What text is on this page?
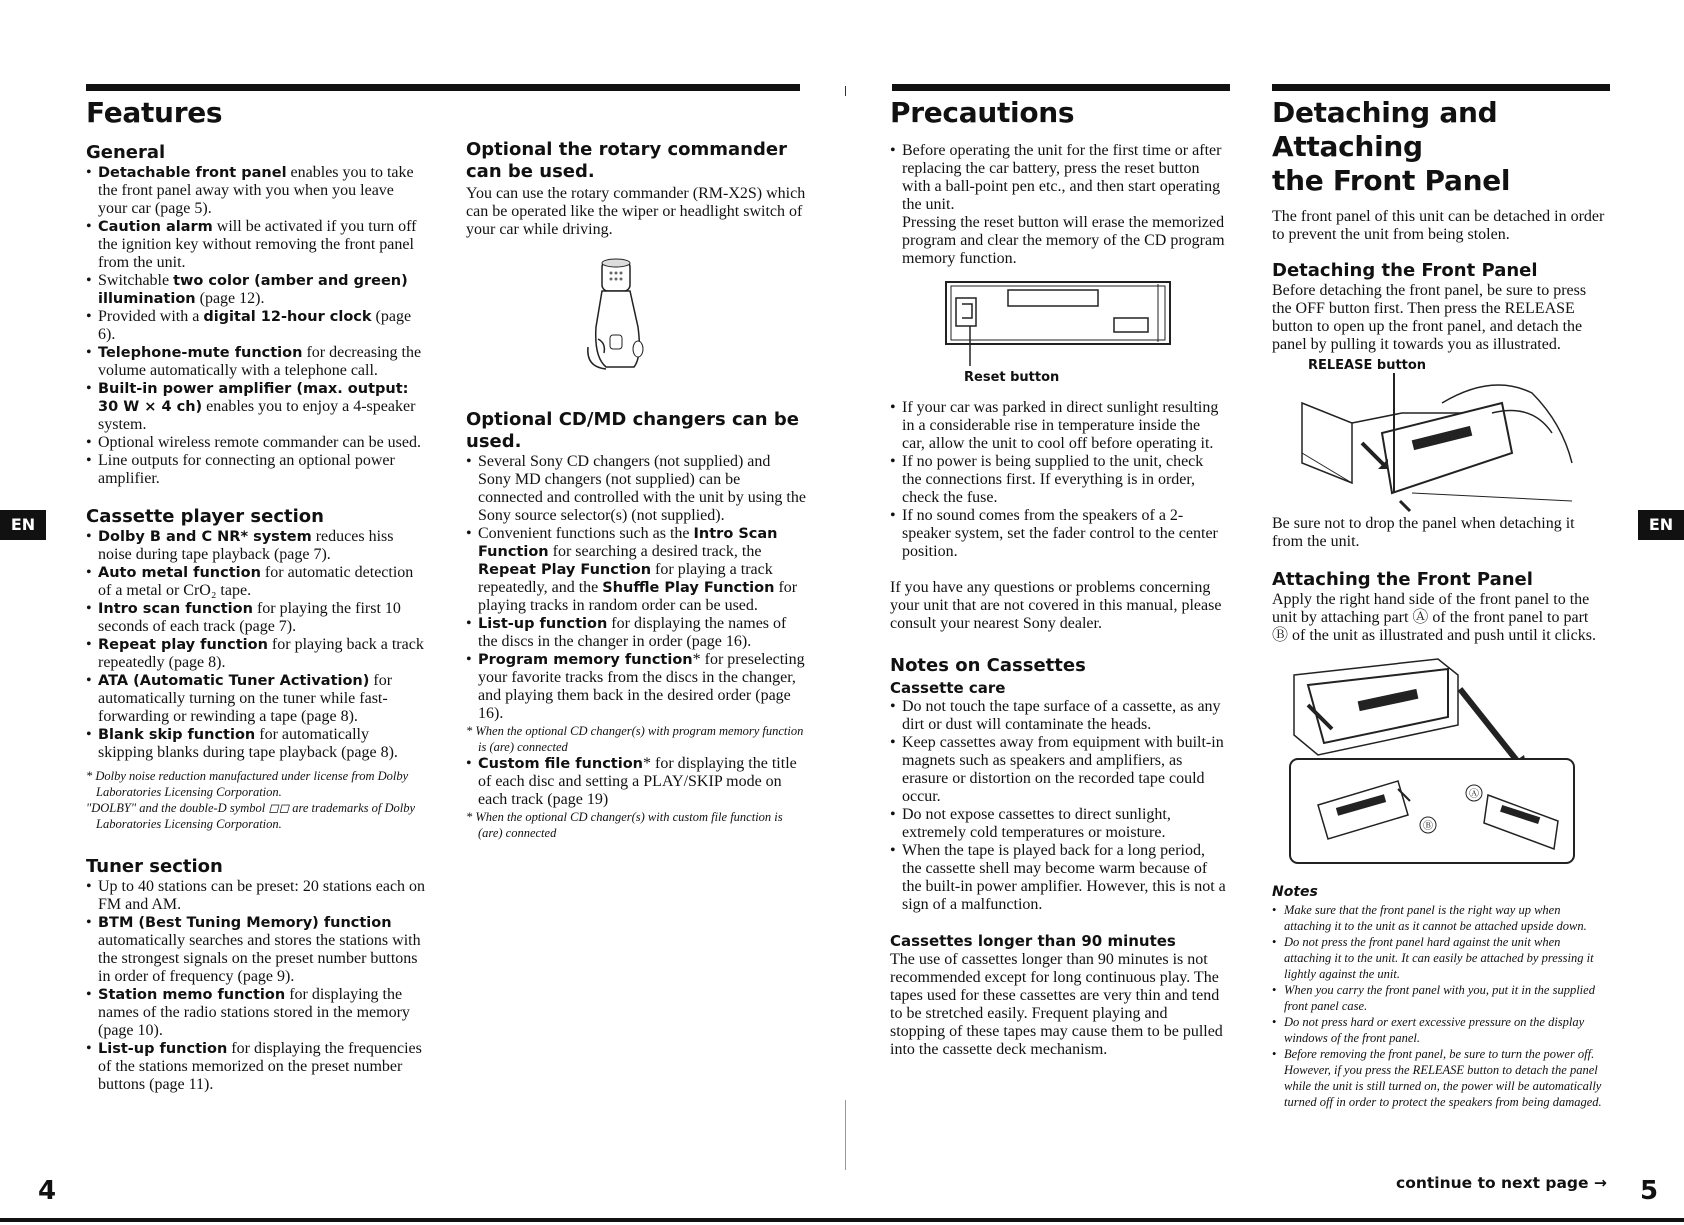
Features
General
• Detachable front panel enables you to take the front panel away with you when you leave your car (page 5).
• Caution alarm will be activated if you turn off the ignition key without removing the front panel from the unit.
• Switchable two color (amber and green) illumination (page 12).
• Provided with a digital 12-hour clock (page 6).
• Telephone-mute function for decreasing the volume automatically with a telephone call.
• Built-in power amplifier (max. output: 30 W × 4 ch) enables you to enjoy a 4-speaker system.
• Optional wireless remote commander can be used.
• Line outputs for connecting an optional power amplifier.
Cassette player section
• Dolby B and C NR* system reduces hiss noise during tape playback (page 7).
• Auto metal function for automatic detection of a metal or CrO₂ tape.
• Intro scan function for playing the first 10 seconds of each track (page 7).
• Repeat play function for playing back a track repeatedly (page 8).
• ATA (Automatic Tuner Activation) for automatically turning on the tuner while fast-forwarding or rewinding a tape (page 8).
• Blank skip function for automatically skipping blanks during tape playback (page 8).

* Dolby noise reduction manufactured under license from Dolby Laboratories Licensing Corporation.

"DOLBY" and the double-D symbol ◻◻ are trademarks of Dolby Laboratories Licensing Corporation.

Tuner section
• Up to 40 stations can be preset: 20 stations each on FM and AM.
• BTM (Best Tuning Memory) function automatically searches and stores the stations with the strongest signals on the preset number buttons in order of frequency (page 9).
• Station memo function for displaying the names of the radio stations stored in the memory (page 10).
• List-up function for displaying the frequencies of the stations memorized on the preset number buttons (page 11).
Optional the rotary commander can be used.

You can use the rotary commander (RM-X2S) which can be operated like the wiper or headlight switch of your car while driving.

Optional CD/MD changers can be used.
• Several Sony CD changers (not supplied) and Sony MD changers (not supplied) can be connected and controlled with the unit by using the Sony source selector(s) (not supplied).
• Convenient functions such as the Intro Scan Function for searching a desired track, the Repeat Play Function for playing a track repeatedly, and the Shuffle Play Function for playing tracks in random order can be used.
• List-up function for displaying the names of the discs in the changer in order (page 16).
• Program memory function* for preselecting your favorite tracks from the discs in the changer, and playing them back in the desired order (page 16).

* When the optional CD changer(s) with program memory function is (are) connected

• Custom file function* for displaying the title of each disc and setting a PLAY/SKIP mode on each track (page 19)

* When the optional CD changer(s) with custom file function is (are) connected

EN
4
Precautions
• Before operating the unit for the first time or after replacing the car battery, press the reset button with a ball-point pen etc., and then start operating the unit.
Pressing the reset button will erase the memorized program and clear the memory of the CD program memory function.
Reset button
• If your car was parked in direct sunlight resulting in a considerable rise in temperature inside the car, allow the unit to cool off before operating it.
• If no power is being supplied to the unit, check the connections first. If everything is in order, check the fuse.
• If no sound comes from the speakers of a 2-speaker system, set the fader control to the center position.

If you have any questions or problems concerning your unit that are not covered in this manual, please consult your nearest Sony dealer.

Notes on Cassettes
Cassette care
• Do not touch the tape surface of a cassette, as any dirt or dust will contaminate the heads.
• Keep cassettes away from equipment with built-in magnets such as speakers and amplifiers, as erasure or distortion on the recorded tape could occur.
• Do not expose cassettes to direct sunlight, extremely cold temperatures or moisture.
• When the tape is played back for a long period, the cassette shell may become warm because of the built-in power amplifier. However, this is not a sign of a malfunction.
Cassettes longer than 90 minutes

The use of cassettes longer than 90 minutes is not recommended except for long continuous play. The tapes used for these cassettes are very thin and tend to be stretched easily. Frequent playing and stopping of these tapes may cause them to be pulled into the cassette deck mechanism.

Detaching and Attaching
the Front Panel

The front panel of this unit can be detached in order to prevent the unit from being stolen.

Detaching the Front Panel

Before detaching the front panel, be sure to press the OFF button first. Then press the RELEASE button to open up the front panel, and detach the panel by pulling it towards you as illustrated.

RELEASE button

Be sure not to drop the panel when detaching it from the unit.

Attaching the Front Panel

Apply the right hand side of the front panel to the unit by attaching part Ⓐ of the front panel to part Ⓑ of the unit as illustrated and push until it clicks.

Ⓐ
Ⓑ
Notes
• Make sure that the front panel is the right way up when attaching it to the unit as it cannot be attached upside down.
• Do not press the front panel hard against the unit when attaching it to the unit. It can easily be attached by pressing it lightly against the unit.
• When you carry the front panel with you, put it in the supplied front panel case.
• Do not press hard or exert excessive pressure on the display windows of the front panel.
• Before removing the front panel, be sure to turn the power off. However, if you press the RELEASE button to detach the panel while the unit is still turned on, the power will be automatically turned off in order to protect the speakers from being damaged.
EN
continue to next page → 5
